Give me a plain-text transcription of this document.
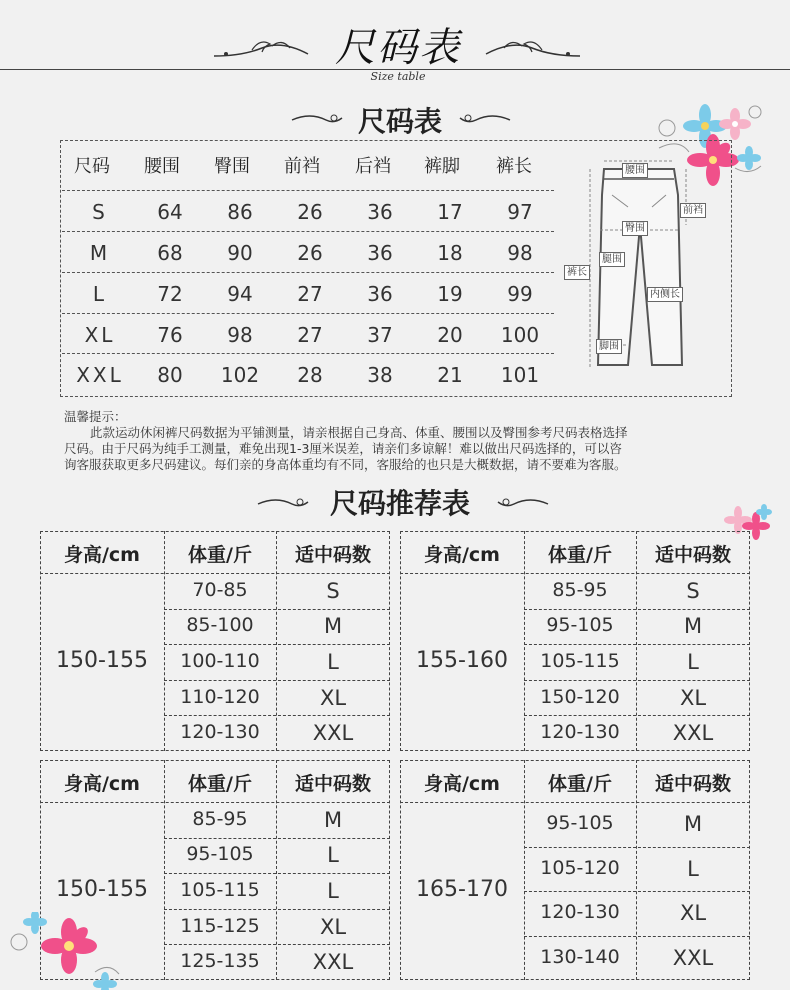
尺码表
Size table
尺码表
尺码 腰围 臀围 前裆 后裆 裤脚 裤长
S	64	86	26	36	17	97
M	68	90	26	36	18	98
L	72	94	27	36	19	99
XL	76	98	27	37	20	100
XXL	80	102	28	38	21	101
腰围
前裆
臀围
腿围
裤长
内侧长
脚围
温馨提示：
此款运动休闲裤尺码数据为平铺测量，请亲根据自己身高、体重、腰围以及臀围参考尺码表格选择
尺码。由于尺码为纯手工测量，难免出现1-3厘米误差，请亲们多谅解！难以做出尺码选择的，可以咨
询客服获取更多尺码建议。每们亲的身高体重均有不同，客服给的也只是大概数据，请不要难为客服。
尺码推荐表
身高/cm	体重/斤	适中码数
150-155
70-85	S
85-100	M
100-110	L
110-120	XL
120-130	XXL
身高/cm	体重/斤	适中码数
155-160
85-95	S
95-105	M
105-115	L
150-120	XL
120-130	XXL
身高/cm	体重/斤	适中码数
150-155
85-95	M
95-105	L
105-115	L
115-125	XL
125-135	XXL
身高/cm	体重/斤	适中码数
165-170
95-105	M
105-120	L
120-130	XL
130-140	XXL
